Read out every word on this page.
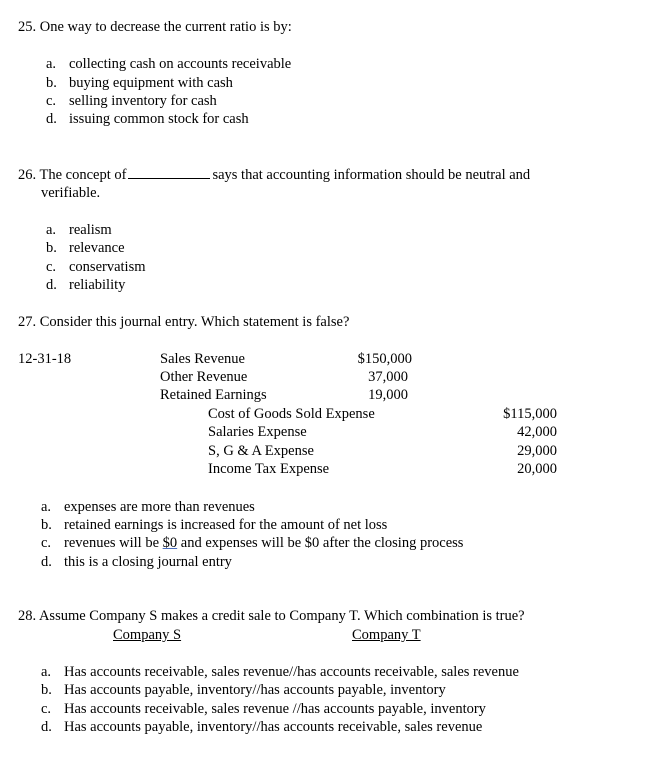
25. One way to decrease the current ratio is by:
a. collecting cash on accounts receivable
b. buying equipment with cash
c. selling inventory for cash
d. issuing common stock for cash
26. The concept of	says that accounting information should be neutral and
verifiable.
a. realism
b. relevance
c. conservatism
d. reliability
27. Consider this journal entry. Which statement is false?
12-31-18	Sales Revenue	$150,000
Other Revenue	37,000
Retained Earnings	19,000
Cost of Goods Sold Expense	$115,000
Salaries Expense	42,000
S, G & A Expense	29,000
Income Tax Expense	20,000
a. expenses are more than revenues
b. retained earnings is increased for the amount of net loss
c. revenues will be $0 and expenses will be $0 after the closing process
d. this is a closing journal entry
28. Assume Company S makes a credit sale to Company T. Which combination is true?
Company S	Company T
a. Has accounts receivable, sales revenue//has accounts receivable, sales revenue
b. Has accounts payable, inventory//has accounts payable, inventory
c. Has accounts receivable, sales revenue //has accounts payable, inventory
d. Has accounts payable, inventory//has accounts receivable, sales revenue
